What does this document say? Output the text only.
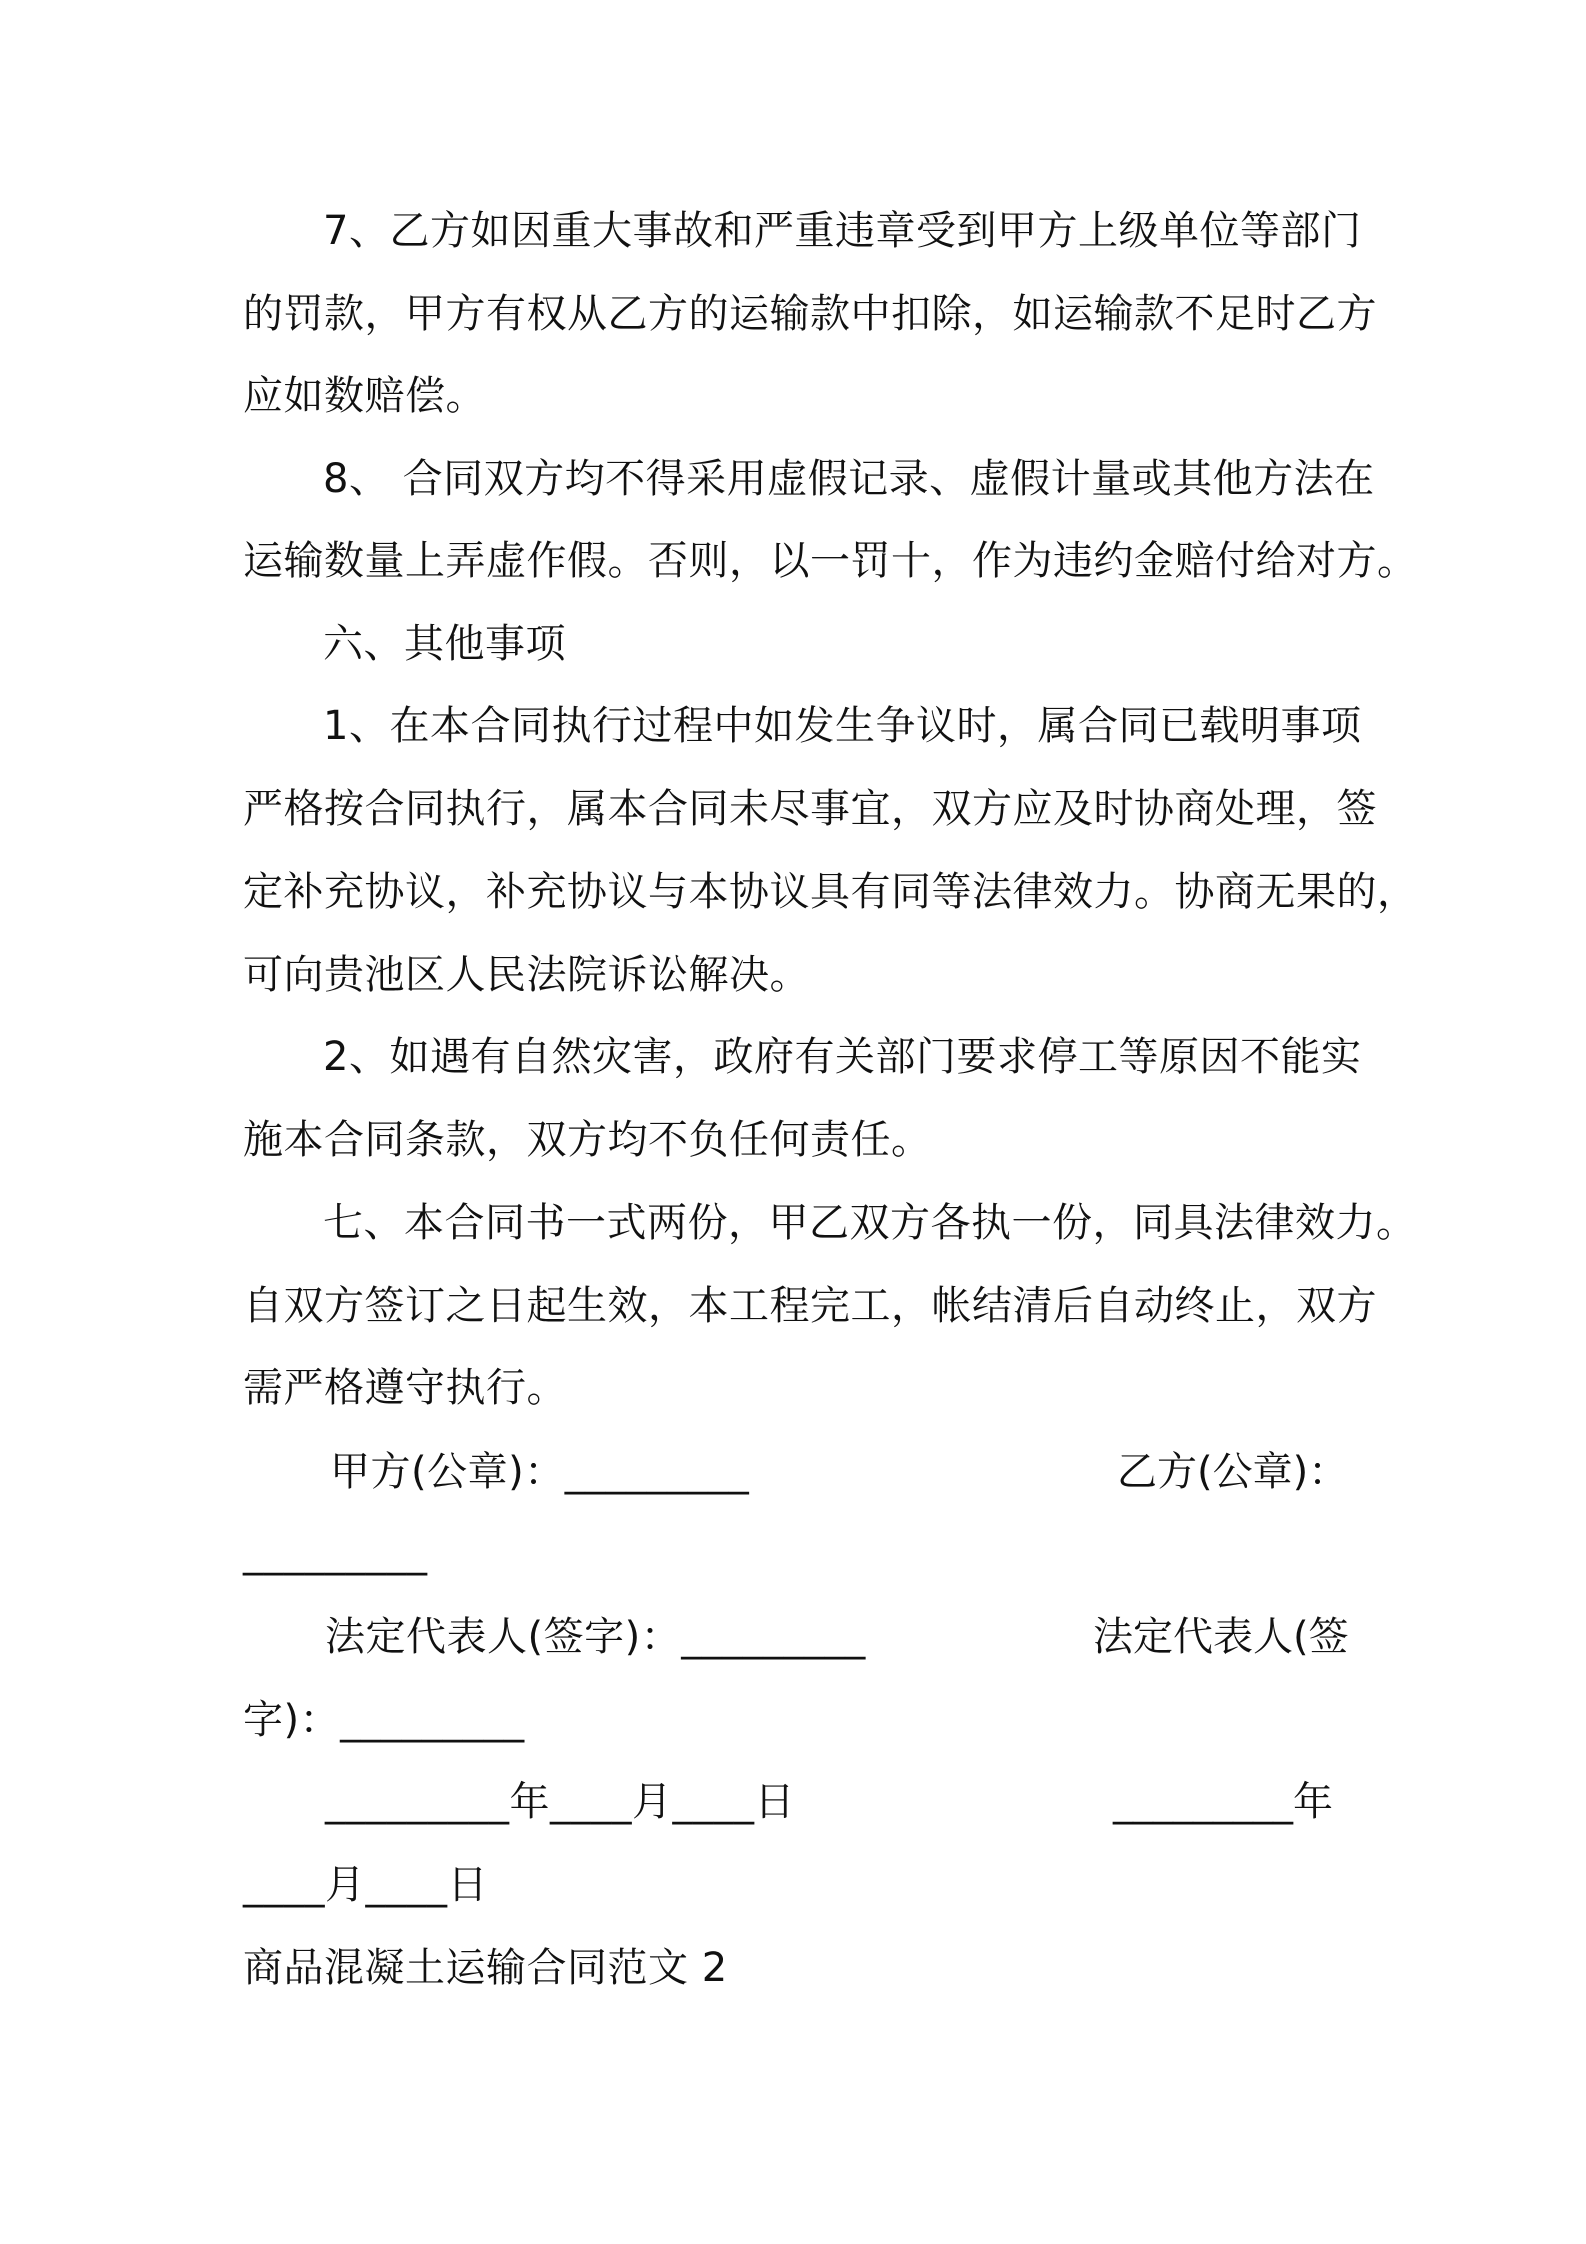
7、乙方如因重大事故和严重违章受到甲方上级单位等部门
的罚款，甲方有权从乙方的运输款中扣除，如运输款不足时乙方
应如数赔偿。
8、 合同双方均不得采用虚假记录、虚假计量或其他方法在
运输数量上弄虚作假。否则，以一罚十，作为违约金赔付给对方。
六、其他事项
1、在本合同执行过程中如发生争议时，属合同已载明事项
严格按合同执行，属本合同未尽事宜，双方应及时协商处理，签
定补充协议，补充协议与本协议具有同等法律效力。协商无果的，
可向贵池区人民法院诉讼解决。
2、如遇有自然灾害，政府有关部门要求停工等原因不能实
施本合同条款，双方均不负任何责任。
七、本合同书一式两份，甲乙双方各执一份，同具法律效力。
自双方签订之日起生效，本工程完工，帐结清后自动终止，双方
需严格遵守执行。
甲方(公章)：_________	乙方(公章)：
_________
法定代表人(签字)：_________	法定代表人(签
字)：_________
_________年____月____日	_________年
____月____日
商品混凝土运输合同范文 2
